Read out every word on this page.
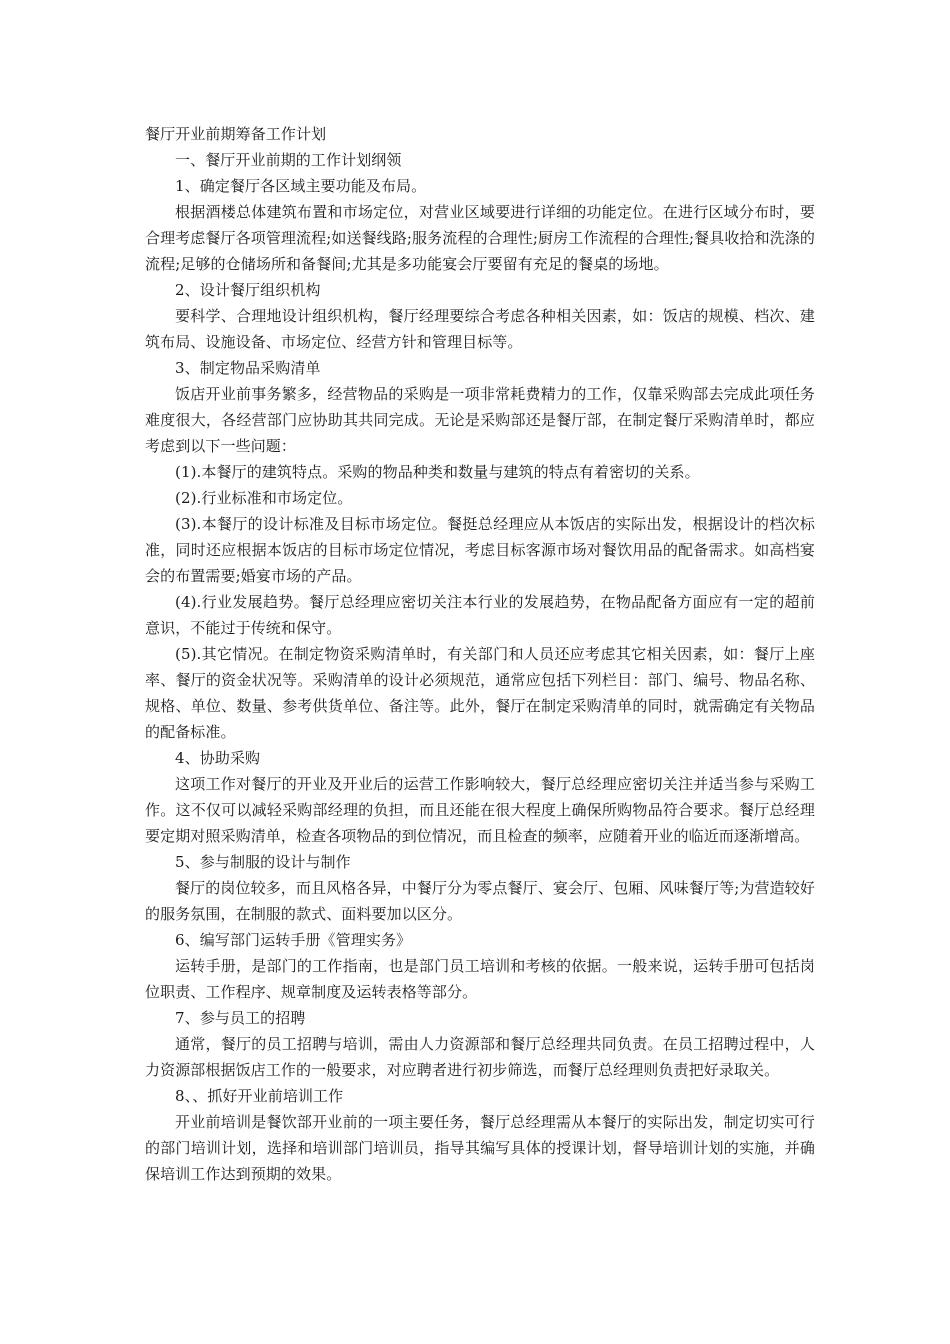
餐厅开业前期筹备工作计划

一、餐厅开业前期的工作计划纲领

1、确定餐厅各区域主要功能及布局。

根据酒楼总体建筑布置和市场定位，对营业区域要进行详细的功能定位。在进行区域分布时，要合理考虑餐厅各项管理流程;如送餐线路;服务流程的合理性;厨房工作流程的合理性;餐具收拾和洗涤的流程;足够的仓储场所和备餐间;尤其是多功能宴会厅要留有充足的餐桌的场地。

2、设计餐厅组织机构

要科学、合理地设计组织机构，餐厅经理要综合考虑各种相关因素，如：饭店的规模、档次、建筑布局、设施设备、市场定位、经营方针和管理目标等。

3、制定物品采购清单

饭店开业前事务繁多，经营物品的采购是一项非常耗费精力的工作，仅靠采购部去完成此项任务难度很大，各经营部门应协助其共同完成。无论是采购部还是餐厅部，在制定餐厅采购清单时，都应考虑到以下一些问题：

(1).本餐厅的建筑特点。采购的物品种类和数量与建筑的特点有着密切的关系。

(2).行业标准和市场定位。

(3).本餐厅的设计标准及目标市场定位。餐挺总经理应从本饭店的实际出发，根据设计的档次标准，同时还应根据本饭店的目标市场定位情况，考虑目标客源市场对餐饮用品的配备需求。如高档宴会的布置需要;婚宴市场的产品。

(4).行业发展趋势。餐厅总经理应密切关注本行业的发展趋势，在物品配备方面应有一定的超前意识，不能过于传统和保守。

(5).其它情况。在制定物资采购清单时，有关部门和人员还应考虑其它相关因素，如：餐厅上座率、餐厅的资金状况等。采购清单的设计必须规范，通常应包括下列栏目：部门、编号、物品名称、规格、单位、数量、参考供货单位、备注等。此外，餐厅在制定采购清单的同时，就需确定有关物品的配备标准。

4、协助采购

这项工作对餐厅的开业及开业后的运营工作影响较大，餐厅总经理应密切关注并适当参与采购工作。这不仅可以减轻采购部经理的负担，而且还能在很大程度上确保所购物品符合要求。餐厅总经理要定期对照采购清单，检查各项物品的到位情况，而且检查的频率，应随着开业的临近而逐渐增高。

5、参与制服的设计与制作

餐厅的岗位较多，而且风格各异，中餐厅分为零点餐厅、宴会厅、包厢、风味餐厅等;为营造较好的服务氛围，在制服的款式、面料要加以区分。

6、编写部门运转手册《管理实务》

运转手册，是部门的工作指南，也是部门员工培训和考核的依据。一般来说，运转手册可包括岗位职责、工作程序、规章制度及运转表格等部分。

7、参与员工的招聘

通常，餐厅的员工招聘与培训，需由人力资源部和餐厅总经理共同负责。在员工招聘过程中，人力资源部根据饭店工作的一般要求，对应聘者进行初步筛选，而餐厅总经理则负责把好录取关。

8、、抓好开业前培训工作

开业前培训是餐饮部开业前的一项主要任务，餐厅总经理需从本餐厅的实际出发，制定切实可行的部门培训计划，选择和培训部门培训员，指导其编写具体的授课计划，督导培训计划的实施，并确保培训工作达到预期的效果。
